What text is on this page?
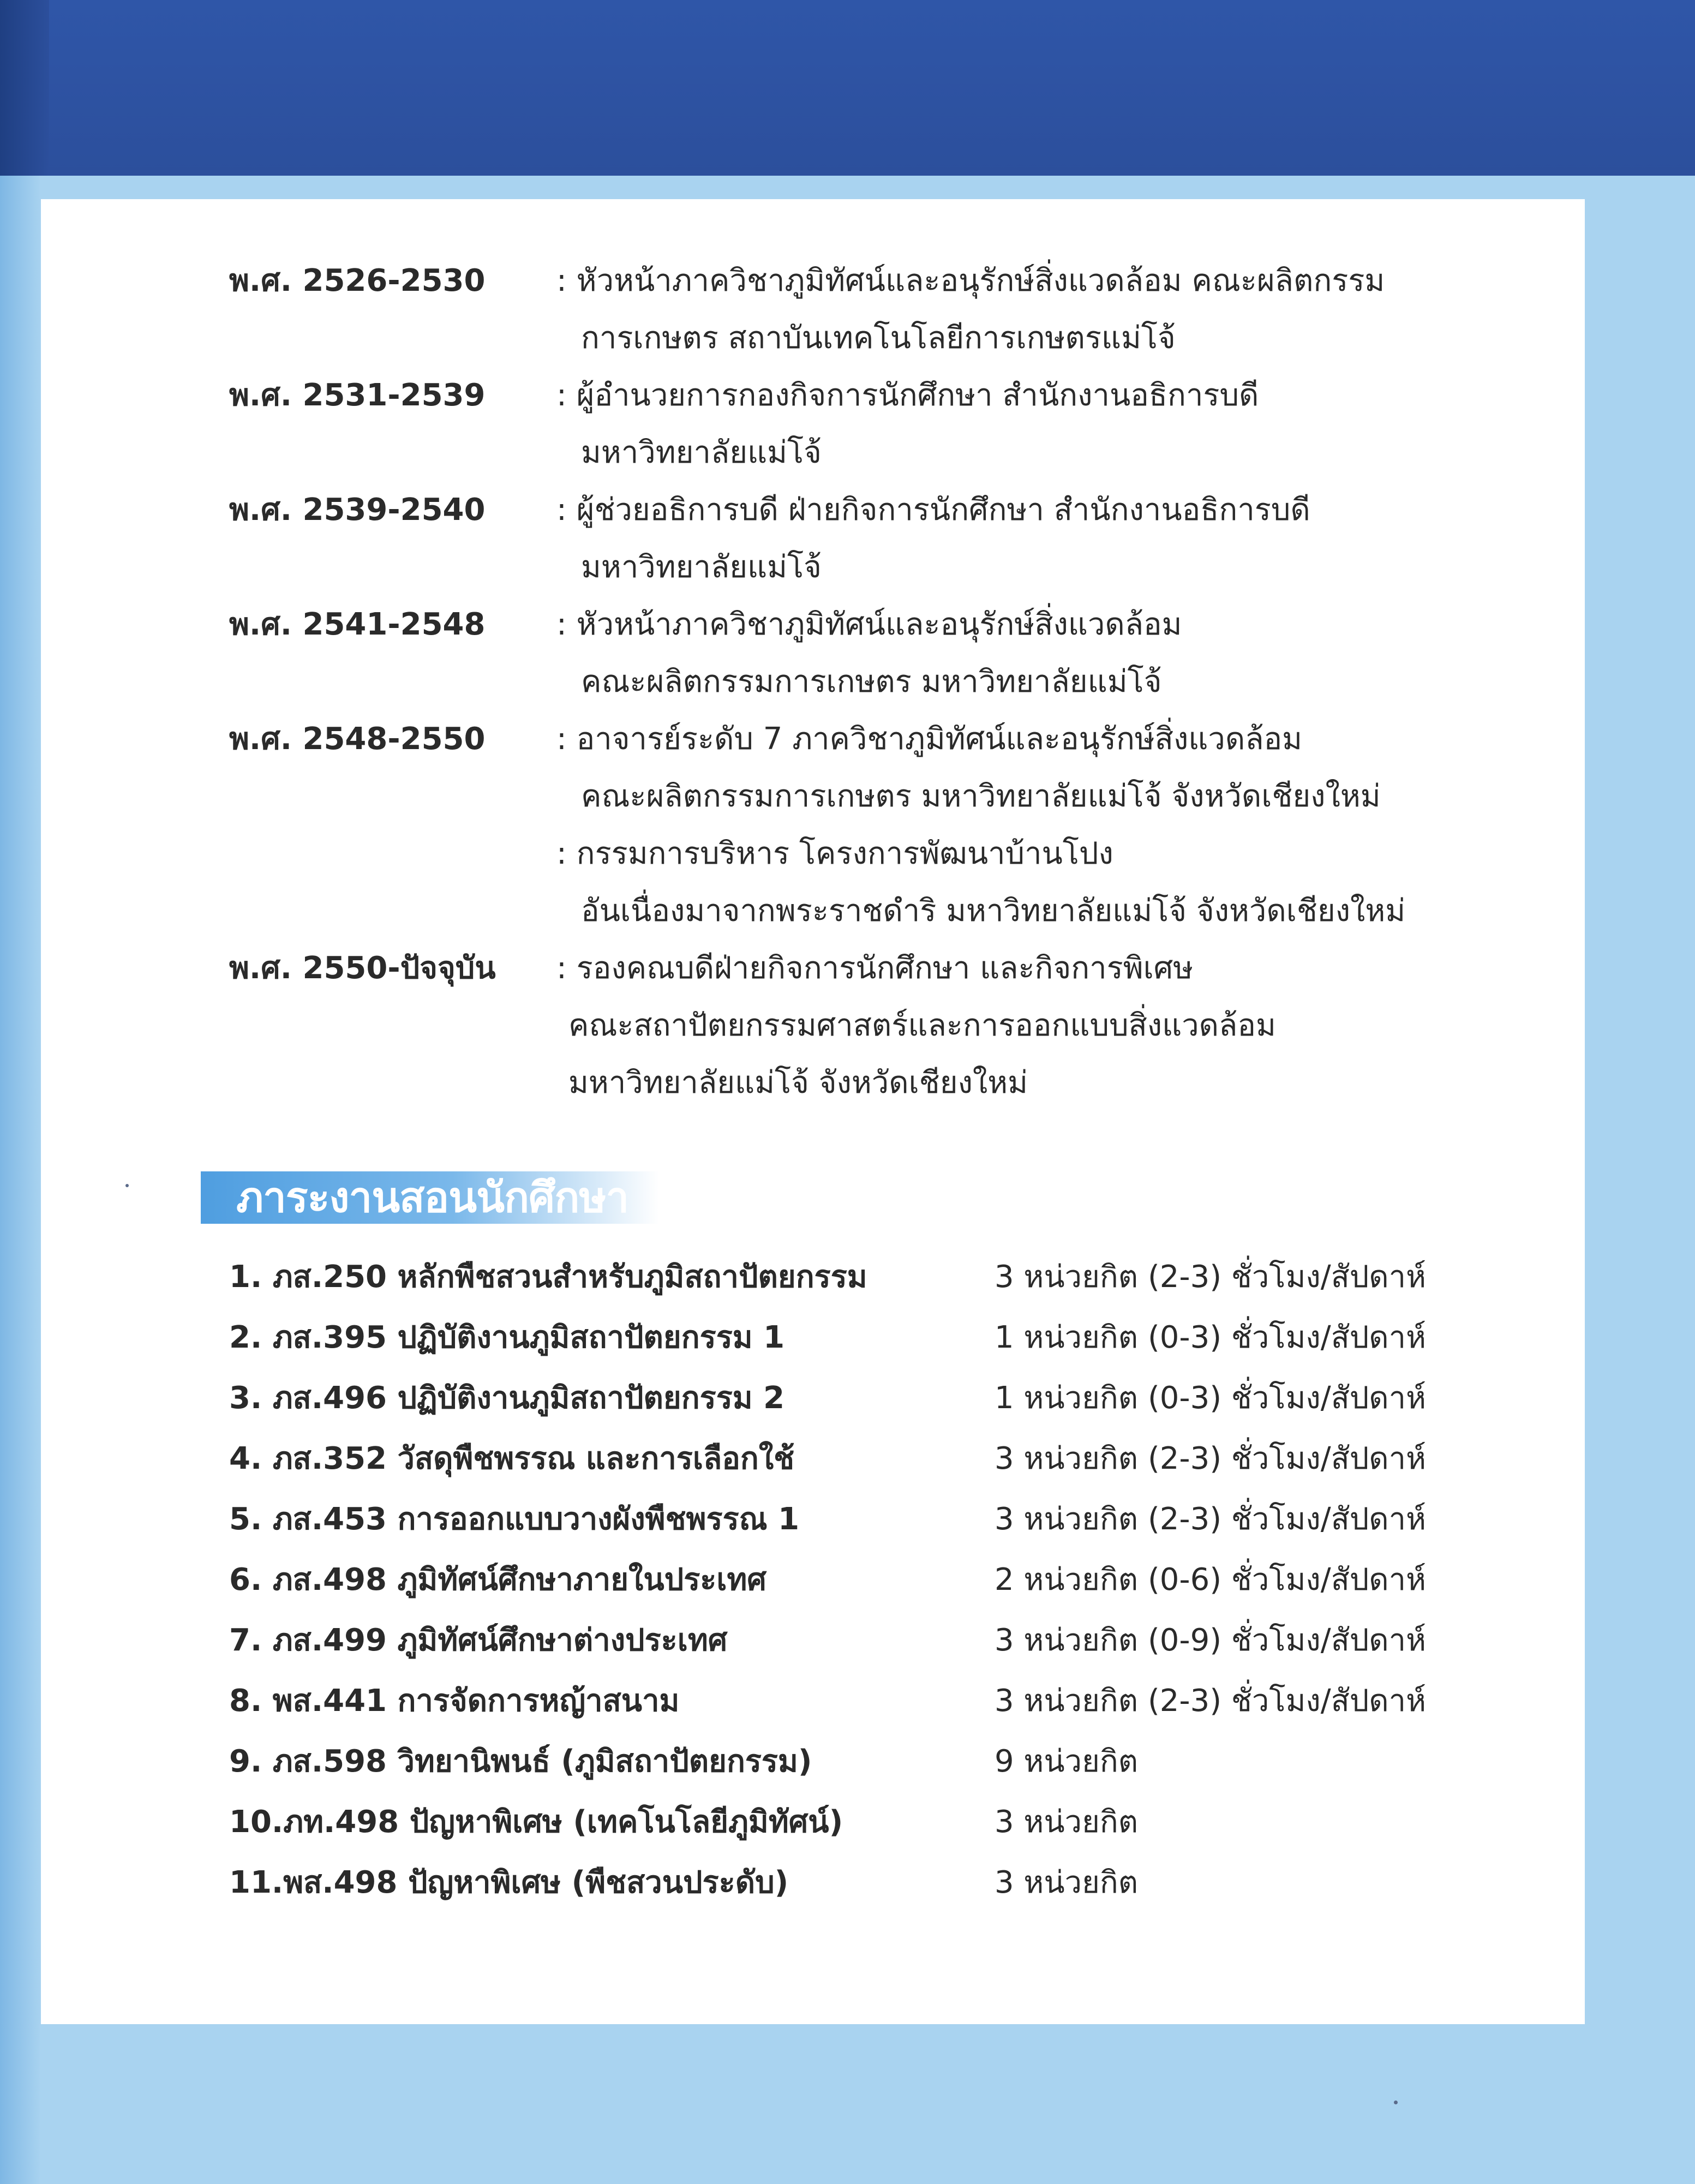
พ.ศ. 2526-2530	: หัวหน้าภาควิชาภูมิทัศน์และอนุรักษ์สิ่งแวดล้อม คณะผลิตกรรม
การเกษตร สถาบันเทคโนโลยีการเกษตรแม่โจ้
พ.ศ. 2531-2539	: ผู้อำนวยการกองกิจการนักศึกษา สำนักงานอธิการบดี
มหาวิทยาลัยแม่โจ้
พ.ศ. 2539-2540	: ผู้ช่วยอธิการบดี ฝ่ายกิจการนักศึกษา สำนักงานอธิการบดี
มหาวิทยาลัยแม่โจ้
พ.ศ. 2541-2548	: หัวหน้าภาควิชาภูมิทัศน์และอนุรักษ์สิ่งแวดล้อม
คณะผลิตกรรมการเกษตร มหาวิทยาลัยแม่โจ้
พ.ศ. 2548-2550	: อาจารย์ระดับ 7 ภาควิชาภูมิทัศน์และอนุรักษ์สิ่งแวดล้อม
คณะผลิตกรรมการเกษตร มหาวิทยาลัยแม่โจ้ จังหวัดเชียงใหม่
: กรรมการบริหาร โครงการพัฒนาบ้านโปง
อันเนื่องมาจากพระราชดำริ มหาวิทยาลัยแม่โจ้ จังหวัดเชียงใหม่
พ.ศ. 2550-ปัจจุบัน	: รองคณบดีฝ่ายกิจการนักศึกษา และกิจการพิเศษ
คณะสถาปัตยกรรมศาสตร์และการออกแบบสิ่งแวดล้อม
มหาวิทยาลัยแม่โจ้ จังหวัดเชียงใหม่
ภาระงานสอนนักศึกษา
1. ภส.250 หลักพืชสวนสำหรับภูมิสถาปัตยกรรม	3 หน่วยกิต (2-3) ชั่วโมง/สัปดาห์
2. ภส.395 ปฏิบัติงานภูมิสถาปัตยกรรม 1	1 หน่วยกิต (0-3) ชั่วโมง/สัปดาห์
3. ภส.496 ปฏิบัติงานภูมิสถาปัตยกรรม 2	1 หน่วยกิต (0-3) ชั่วโมง/สัปดาห์
4. ภส.352 วัสดุพืชพรรณ และการเลือกใช้	3 หน่วยกิต (2-3) ชั่วโมง/สัปดาห์
5. ภส.453 การออกแบบวางผังพืชพรรณ 1	3 หน่วยกิต (2-3) ชั่วโมง/สัปดาห์
6. ภส.498 ภูมิทัศน์ศึกษาภายในประเทศ	2 หน่วยกิต (0-6) ชั่วโมง/สัปดาห์
7. ภส.499 ภูมิทัศน์ศึกษาต่างประเทศ	3 หน่วยกิต (0-9) ชั่วโมง/สัปดาห์
8. พส.441 การจัดการหญ้าสนาม	3 หน่วยกิต (2-3) ชั่วโมง/สัปดาห์
9. ภส.598 วิทยานิพนธ์ (ภูมิสถาปัตยกรรม)	9 หน่วยกิต
10.ภท.498 ปัญหาพิเศษ (เทคโนโลยีภูมิทัศน์)	3 หน่วยกิต
11.พส.498 ปัญหาพิเศษ (พืชสวนประดับ)	3 หน่วยกิต
